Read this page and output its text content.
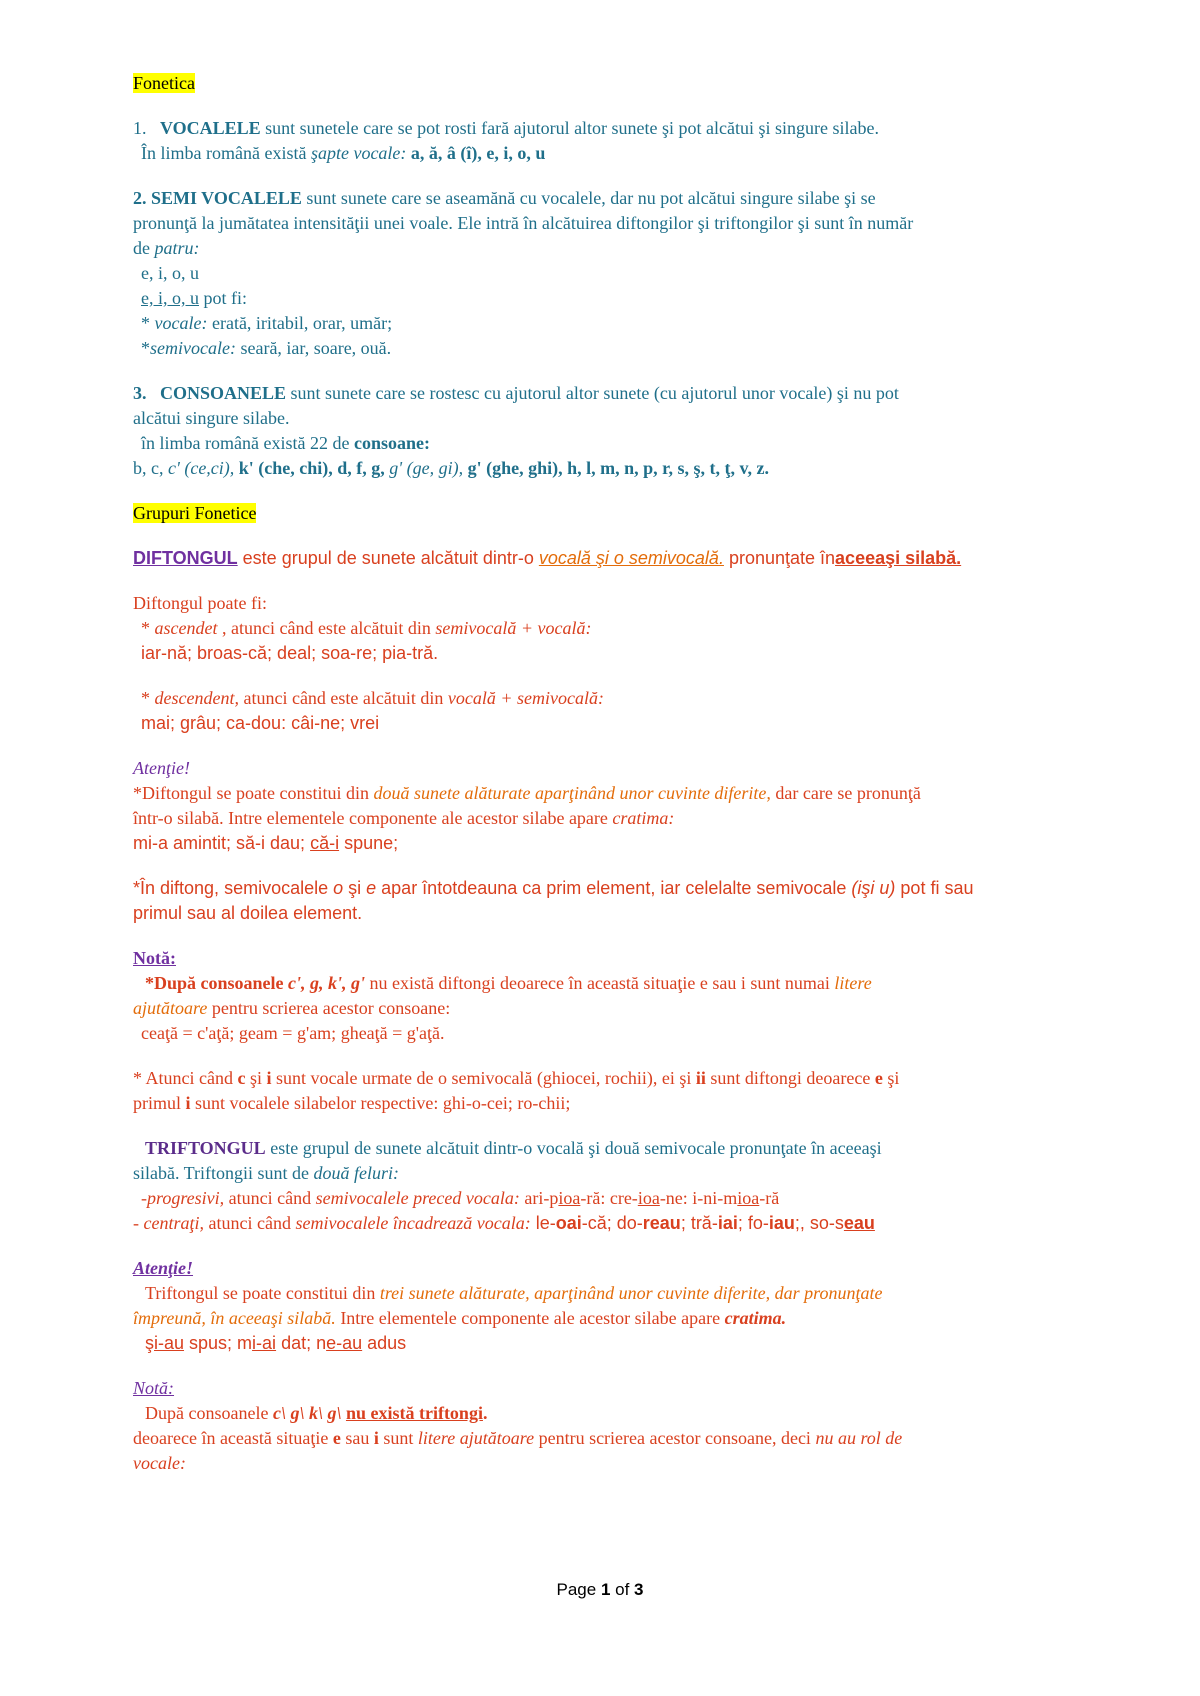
Fonetica

1. VOCALELE sunt sunetele care se pot rosti fară ajutorul altor sunete şi pot alcătui şi singure silabe.

În limba română există şapte vocale: a, ă, â (î), e, i, o, u

2. SEMI VOCALELE sunt sunete care se aseamănă cu vocalele, dar nu pot alcătui singure silabe şi se

pronunţă la jumătatea intensităţii unei voale. Ele intră în alcătuirea diftongilor şi triftongilor şi sunt în număr

de patru:

e, i, o, u

e, i, o, u pot fi:

* vocale: erată, iritabil, orar, umăr;

*semivocale: seară, iar, soare, ouă.

3. CONSOANELE sunt sunete care se rostesc cu ajutorul altor sunete (cu ajutorul unor vocale) şi nu pot

alcătui singure silabe.

în limba română există 22 de consoane:

b, c, c' (ce,ci), k' (che, chi), d, f, g, g' (ge, gi), g' (ghe, ghi), h, l, m, n, p, r, s, ş, t, ţ, v, z.

Grupuri Fonetice

DIFTONGUL este grupul de sunete alcătuit dintr-o vocală şi o semivocală. pronunţate înaceeaşi silabă.

Diftongul poate fi:

* ascendet , atunci când este alcătuit din semivocală + vocală:

iar-nă; broas-că; deal; soa-re; pia-tră.

* descendent, atunci când este alcătuit din vocală + semivocală:

mai; grâu; ca-dou: câi-ne; vrei

Atenţie!

*Diftongul se poate constitui din două sunete alăturate aparţinând unor cuvinte diferite, dar care se pronunţă

într-o silabă. Intre elementele componente ale acestor silabe apare cratima:

mi-a amintit; să-i dau; că-i spune;

*În diftong, semivocalele o şi e apar întotdeauna ca prim element, iar celelalte semivocale (işi u) pot fi sau

primul sau al doilea element.

Notă:

*După consoanele c', g, k', g' nu există diftongi deoarece în această situaţie e sau i sunt numai litere

ajutătoare pentru scrierea acestor consoane:

ceaţă = c'aţă; geam = g'am; gheaţă = g'aţă.

* Atunci când c şi i sunt vocale urmate de o semivocală (ghiocei, rochii), ei şi ii sunt diftongi deoarece e şi

primul i sunt vocalele silabelor respective: ghi-o-cei; ro-chii;

TRIFTONGUL este grupul de sunete alcătuit dintr-o vocală şi două semivocale pronunţate în aceeaşi

silabă. Triftongii sunt de două feluri:

-progresivi, atunci când semivocalele preced vocala: ari-pioa-ră: cre-ioa-ne: i-ni-mioa-ră

- centraţi, atunci când semivocalele încadrează vocala: le-oai-că; do-reau; tră-iai; fo-iau;, so-seau

Atenţie!

Triftongul se poate constitui din trei sunete alăturate, aparţinând unor cuvinte diferite, dar pronunţate

împreună, în aceeaşi silabă. Intre elementele componente ale acestor silabe apare cratima.

şi-au spus; mi-ai dat; ne-au adus

Notă:

După consoanele c\ g\ k\ g\ nu există triftongi.

deoarece în această situaţie e sau i sunt litere ajutătoare pentru scrierea acestor consoane, deci nu au rol de

vocale:

Page 1 of 3
